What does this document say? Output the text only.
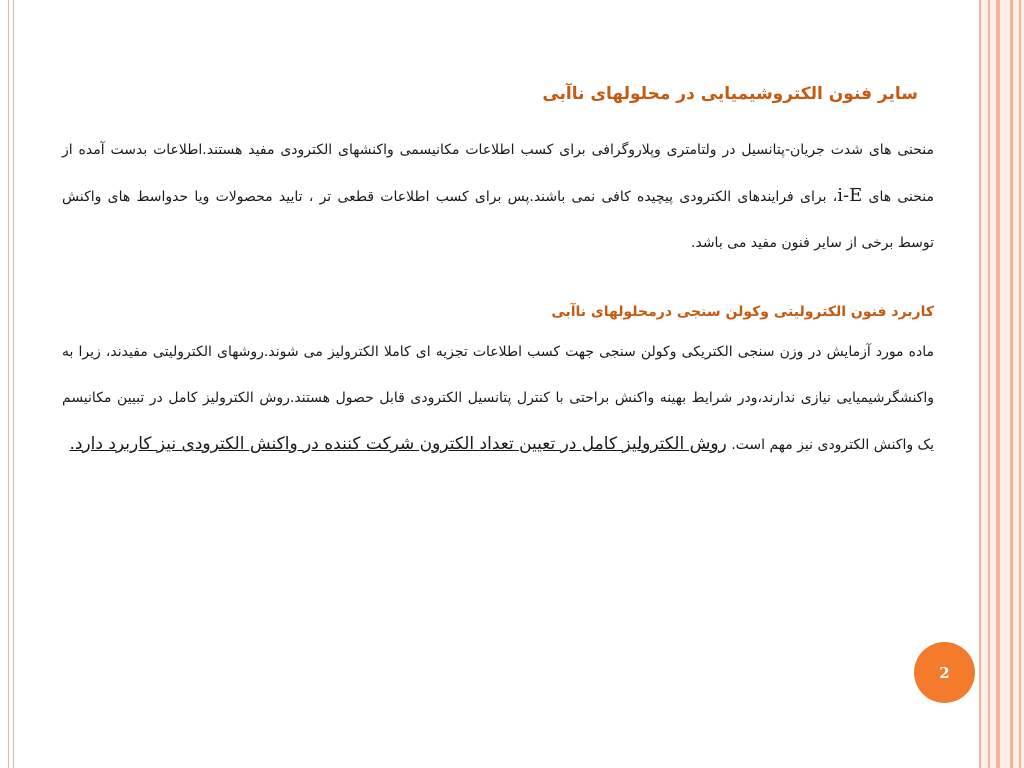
سایر فنون الکتروشیمیایی در محلولهای ناآبی

منحنی های شدت جریان-پتانسیل در ولتامتری وپلاروگرافی برای کسب اطلاعات مکانیسمی واکنشهای الکترودی مفید هستند.اطلاعات بدست آمده از منحنی های i-E، برای فرایندهای الکترودی پیچیده کافی نمی باشند.پس برای کسب اطلاعات قطعی تر ، تایید محصولات ویا حدواسط های واکنش توسط برخی از سایر فنون مفید می باشد.

کاربرد فنون الکترولیتی وکولن سنجی درمحلولهای ناآبی

ماده مورد آزمایش در وزن سنجی الکتریکی وکولن سنجی جهت کسب اطلاعات تجزیه ای کاملا الکترولیز می شوند.روشهای الکترولیتی مفیدند، زیرا به واکنشگرشیمیایی نیازی ندارند،ودر شرایط بهینه واکنش براحتی با کنترل پتانسیل الکترودی قابل حصول هستند.روش الکترولیز کامل در تبیین مکانیسم یک واکنش الکترودی نیز مهم است. روش الکترولیز کامل در تعیین تعداد الکترون شرکت کننده در واکنش الکترودی نیز کاربرد دارد.

2
